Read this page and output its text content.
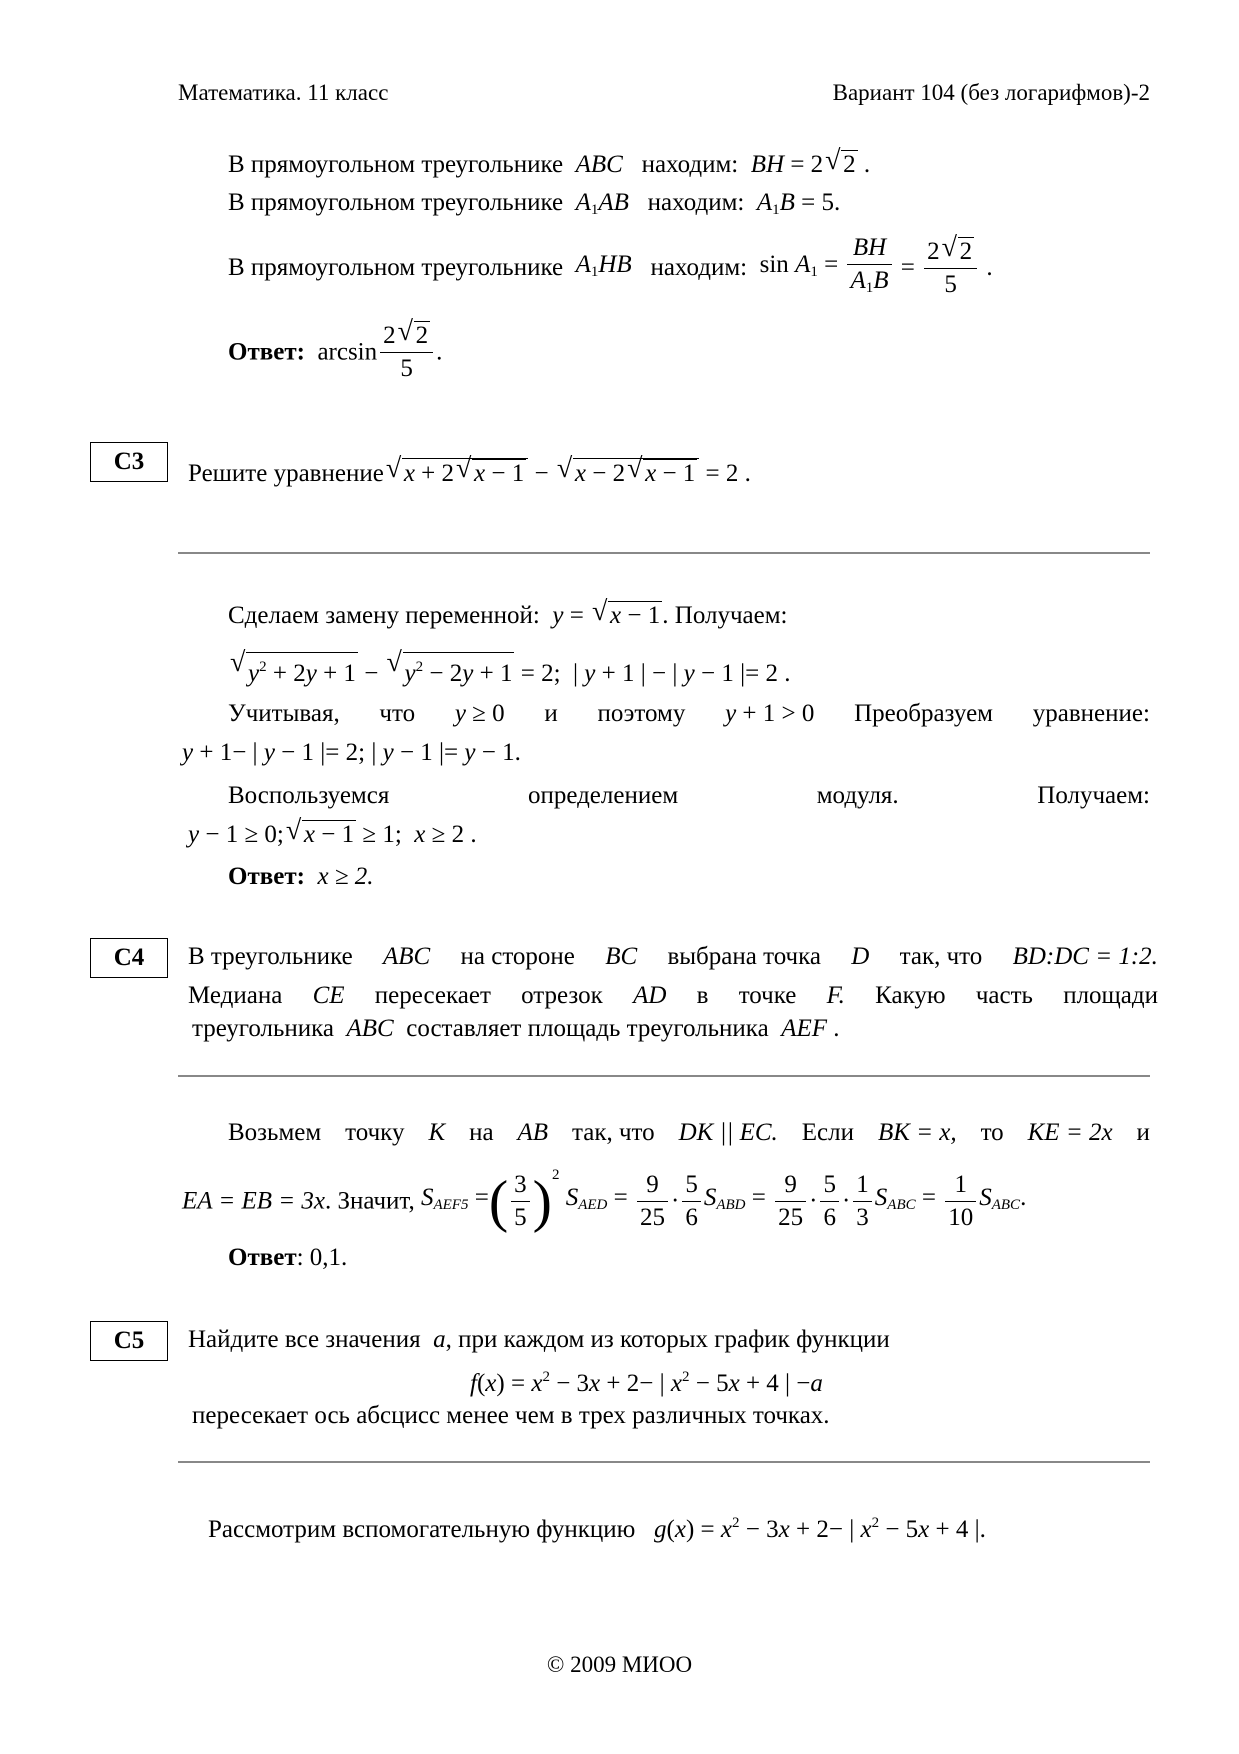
Математика. 11 класс	Вариант 104 (без логарифмов)-2
В прямоугольном треугольнике ABC находим: BH = 2 √ 2 .
В прямоугольном треугольнике $A_1AB$ находим: $A_1B = 5$.
В прямоугольном треугольнике $A_1HB$ находим: $\sin A_1 = \frac{BH}{A_1B} = \frac{2 √ 2}{5}$ .
Ответ: $\arcsin \frac{2 √ 2}{5}$ .
C3	Решите уравнение √ x + 2 √ x − 1 − √ x − 2 √ x − 1 = 2 .
Сделаем замену переменной: y = √ x − 1. Получаем:
√ $y^2 + 2y + 1$ − √ $y^2 - 2y + 1 = 2$;  | y + 1 | − | y − 1 |= 2 .
Учитывая, что y ≥ 0 и поэтому y + 1 > 0 Преобразуем уравнение:
y + 1− | y − 1 |= 2; | y − 1 |= y − 1.
Воспользуемся	определением	модуля.	Получаем:
y − 1 ≥ 0; √ x − 1 ≥ 1;  x ≥ 2 .
Ответ: x ≥ 2.
C4	В треугольнике ABC на стороне BC выбрана точка D так, что BD:DC = 1:2.
Медиана CE пересекает отрезок AD в точке F. Какую часть площади
треугольника ABC составляет площадь треугольника AEF .
Возьмем точку K на AB так, что DK || EC. Если BK = x, то KE = 2x и
EA = EB = 3x. Значит, $S_{AEF5}$ =( $\frac{3}{5} )^2$ $S_{AED} = \frac{9}{25} \cdot \frac{5}{6} S_{ABD} = \frac{9}{25} \cdot \frac{5}{6} \cdot \frac{1}{3} S_{ABC} = \frac{1}{10} S_{ABC}$.
Ответ: 0,1.
C5	Найдите все значения a, при каждом из которых график функции
$f(x) = x^2 - 3x + 2-$ | $x^2 - 5x + 4$ | −a
пересекает ось абсцисс менее чем в трех различных точках.
Рассмотрим вспомогательную функцию $g(x) = x^2 - 3x + 2-$ | $x^2 - 5x + 4$ |.
© 2009 МИОО
